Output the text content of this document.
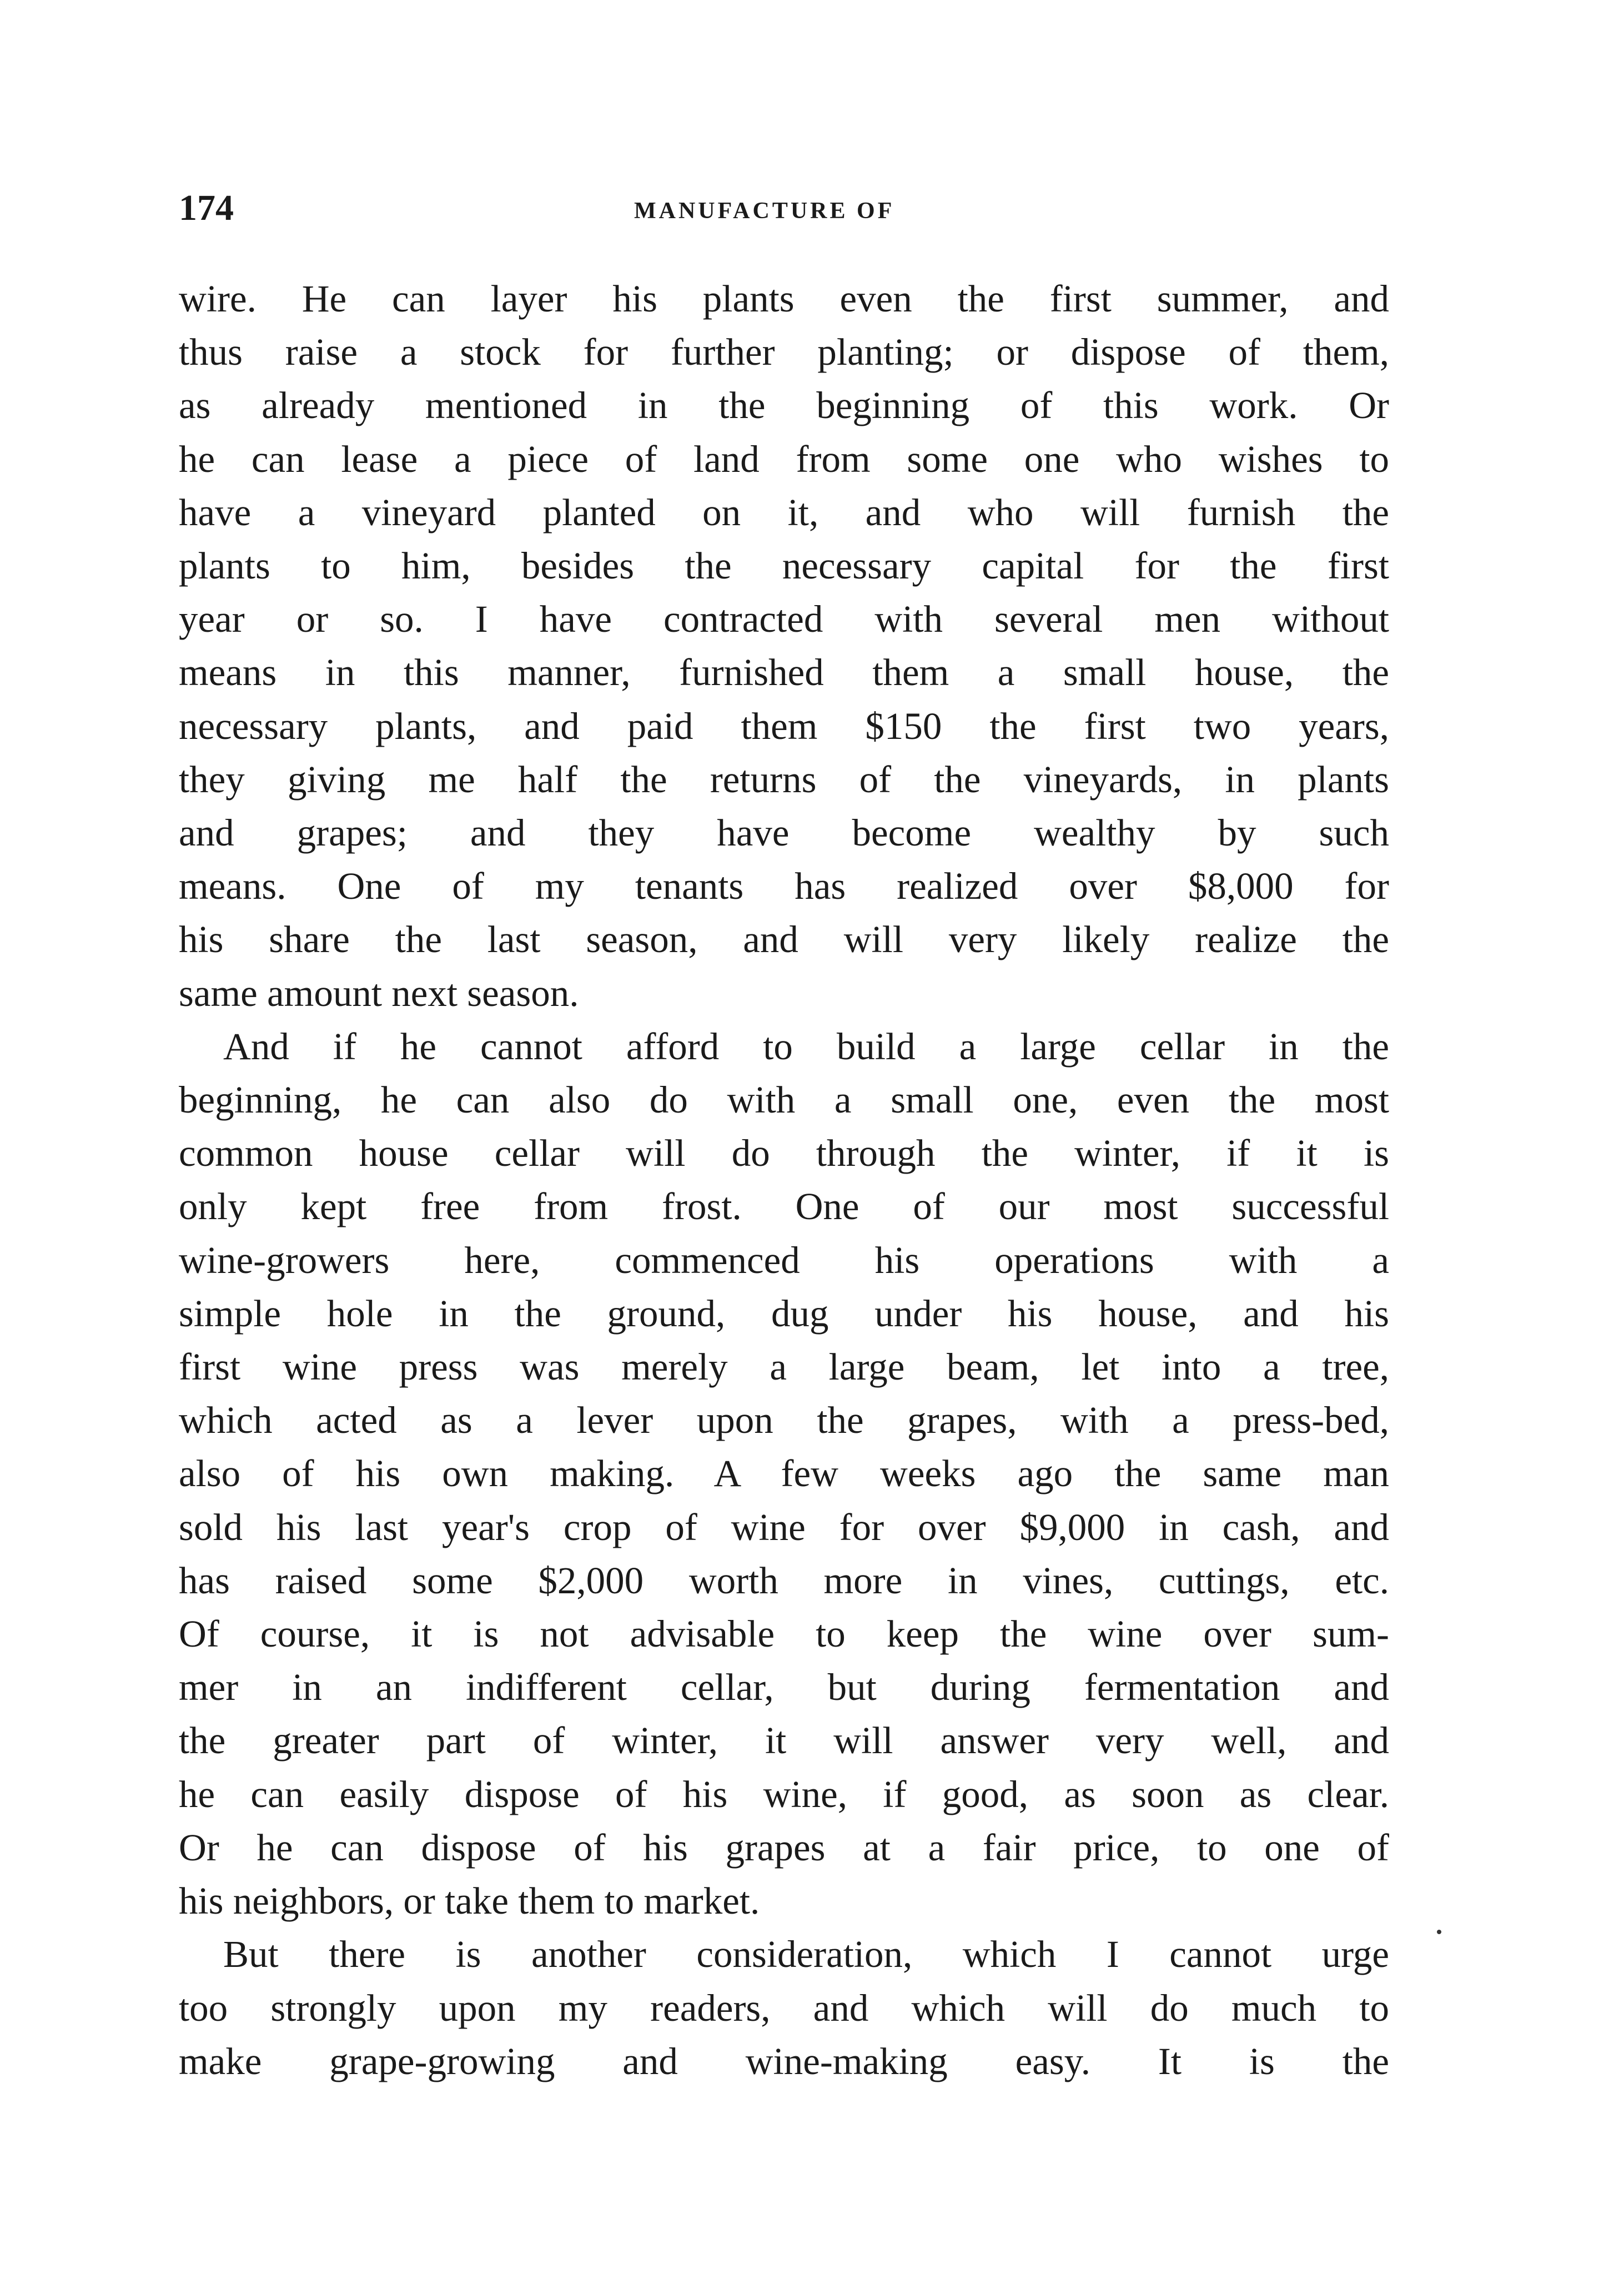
174	MANUFACTURE OF

wire. He can layer his plants even the first summer, and
thus raise a stock for further planting; or dispose of them,
as already mentioned in the beginning of this work. Or
he can lease a piece of land from some one who wishes to
have a vineyard planted on it, and who will furnish the
plants to him, besides the necessary capital for the first
year or so. I have contracted with several men without
means in this manner, furnished them a small house, the
necessary plants, and paid them $150 the first two years,
they giving me half the returns of the vineyards, in plants
and grapes; and they have become wealthy by such
means. One of my tenants has realized over $8,000 for
his share the last season, and will very likely realize the
same amount next season.

And if he cannot afford to build a large cellar in the
beginning, he can also do with a small one, even the most
common house cellar will do through the winter, if it is
only kept free from frost. One of our most successful
wine-growers here, commenced his operations with a
simple hole in the ground, dug under his house, and his
first wine press was merely a large beam, let into a tree,
which acted as a lever upon the grapes, with a press-bed,
also of his own making. A few weeks ago the same man
sold his last year's crop of wine for over $9,000 in cash, and
has raised some $2,000 worth more in vines, cuttings, etc.
Of course, it is not advisable to keep the wine over sum-
mer in an indifferent cellar, but during fermentation and
the greater part of winter, it will answer very well, and
he can easily dispose of his wine, if good, as soon as clear.
Or he can dispose of his grapes at a fair price, to one of
his neighbors, or take them to market.

But there is another consideration, which I cannot urge
too strongly upon my readers, and which will do much to
make grape-growing and wine-making easy. It is the
